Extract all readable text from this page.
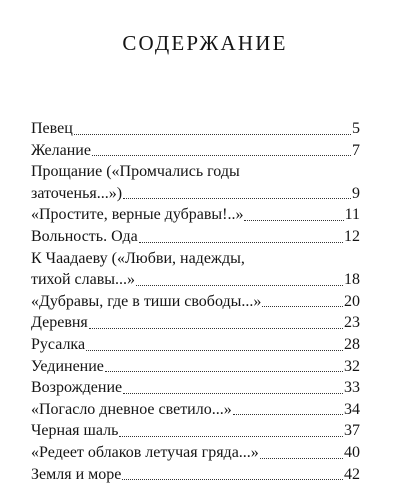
СОДЕРЖАНИЕ
Певец	5
Желание	7
Прощание («Промчались годы
заточенья...»)	9
«Простите, верные дубравы!..»	11
Вольность. Ода	12
К Чаадаеву («Любви, надежды,
тихой славы...»	18
«Дубравы, где в тиши свободы...»	20
Деревня	23
Русалка	28
Уединение	32
Возрождение	33
«Погасло дневное светило...»	34
Черная шаль	37
«Редеет облаков летучая гряда...»	40
Земля и море	42
